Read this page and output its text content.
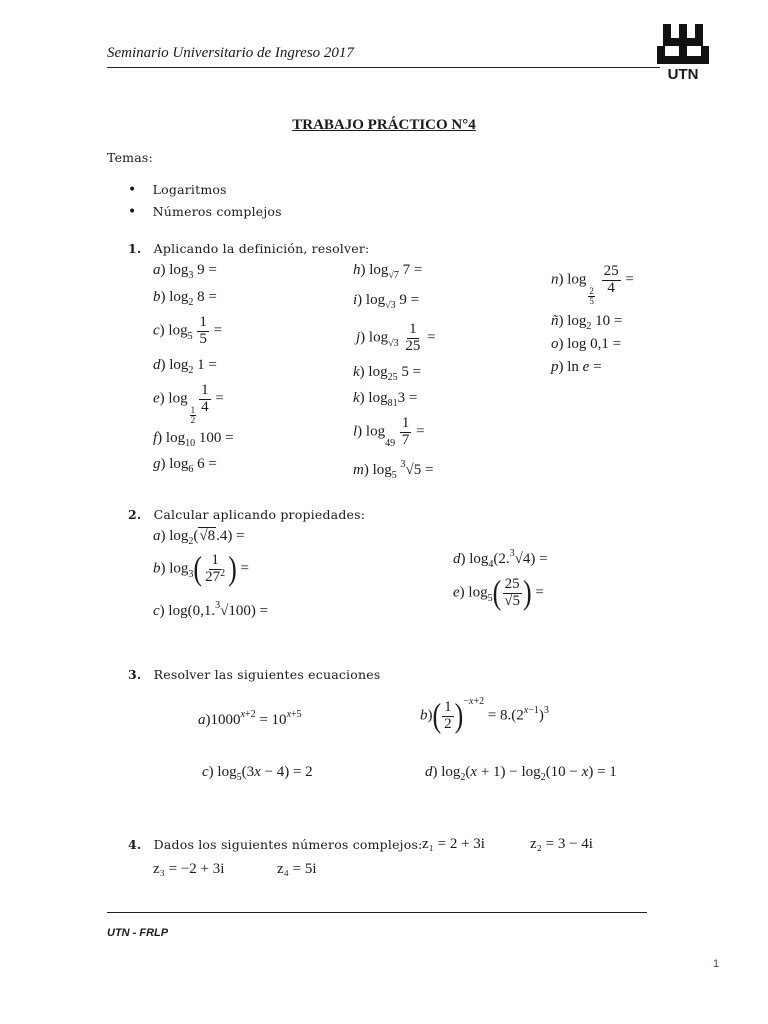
Seminario Universitario de Ingreso 2017
UTN
TRABAJO PRÁCTICO N°4
Temas:
• Logaritmos
• Números complejos
1. Aplicando la definición, resolver:
a) $\log_3 9$ =
b) $\log_2 8$ =
c) $\log_5 \frac{1}{5}$ =
d) $\log_2 1$ =
e) log
$\frac{1}{2} \frac{1}{4}$ =
f) $\log_{10} 100$ =
g) $\log_6 6$ =
h) $\log_{√7} 7$ =
i) $\log_{√3} 9$ =
j) $\log_{√3} \frac{1}{25}$ =
k) $\log_{25} 5$ =
k) $\log_{81}3$ =
l) $\log_{49} \frac{1}{7}$ =
m) $\log_5 ^3√5$ =
n) log
$\frac{2}{5}$
$\frac{25}{4}$ =
ñ) $\log_2 10$ =
o) log 0,1 =
p) ln e =
2. Calcular aplicando propiedades:
a) $\log_2(√8.4)$ =
b) $\log_3( \frac{1}{27^2}$ ) =
c) log(0,1.$^3$√100) =
d) $\log_4(2.^3√4)$ =
e) $\log_5( \frac{25}{√5}$ ) =
3. Resolver las siguientes ecuaciones
$a)1000^{x+2} = 10^{x+5}$	$b)( \frac{1}{2} )^{-x+2} = 8.(2^{x-1})^3$
c) $\log_5(3x - 4) = 2$	d) $\log_2(x + 1) - \log_2(10 - x) = 1$
4. Dados los siguientes números complejos: z₁ = 2 + 3i	z₂ = 3 − 4i
z₃ = −2 + 3i	z₄ = 5i
UTN - FRLP
1
